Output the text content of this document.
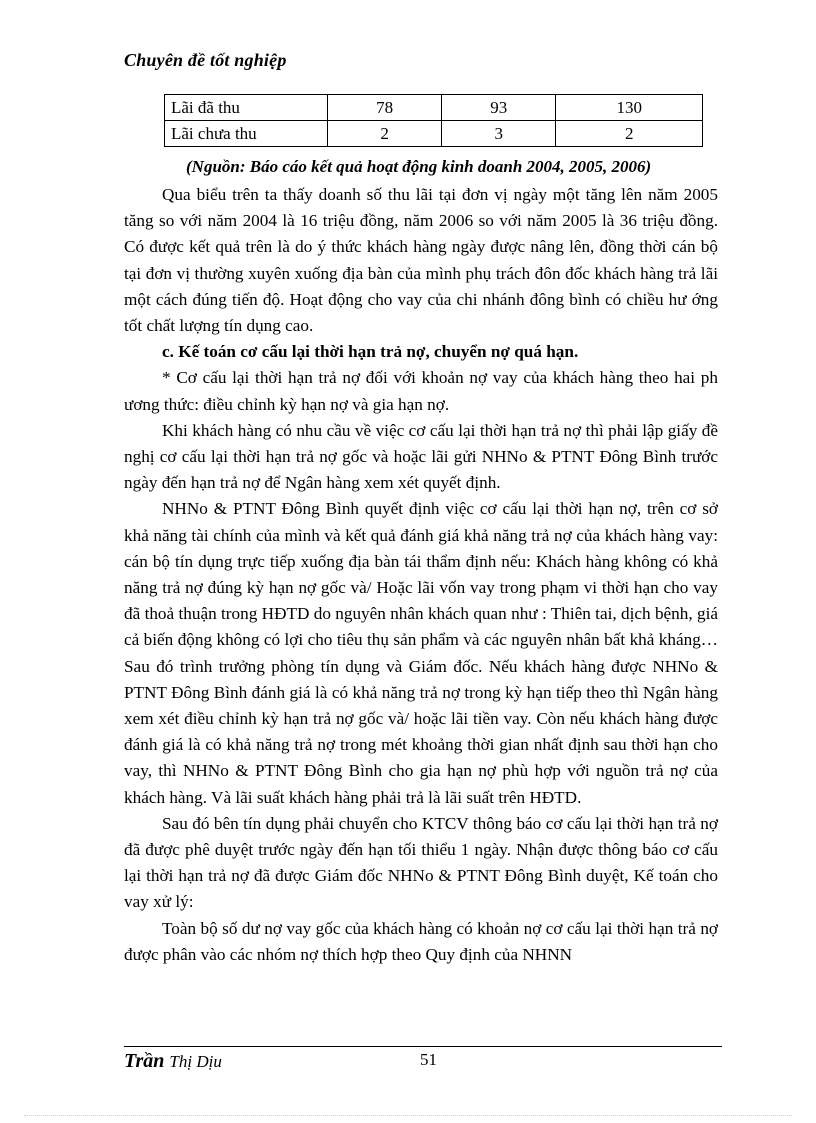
Chuyên đề tốt nghiệp
Lãi đã thu	78	93	130
Lãi chưa thu	2	3	2
(Nguồn: Báo cáo kết quả hoạt động kinh doanh 2004, 2005, 2006)

Qua biểu trên ta thấy doanh số thu lãi tại đơn vị ngày một tăng lên năm 2005 tăng so với năm 2004 là 16 triệu đồng, năm 2006 so với năm 2005 là 36 triệu đồng. Có được kết quả trên là do ý thức khách hàng ngày được nâng lên, đồng thời cán bộ tại đơn vị thường xuyên xuống địa bàn của mình phụ trách đôn đốc khách hàng trả lãi một cách đúng tiến độ. Hoạt động cho vay của chi nhánh đông bình có chiều hư ớng tốt chất lượng tín dụng cao.

c. Kế toán cơ cấu lại thời hạn trả nợ, chuyển nợ quá hạn.

* Cơ cấu lại thời hạn trả nợ đối với khoản nợ vay của khách hàng theo hai ph ương thức: điều chỉnh kỳ hạn nợ và gia hạn nợ.

Khi khách hàng có nhu cầu về việc cơ cấu lại thời hạn trả nợ thì phải lập giấy đề nghị cơ cấu lại thời hạn trả nợ gốc và hoặc lãi gửi NHNo & PTNT Đông Bình trước ngày đến hạn trả nợ để Ngân hàng xem xét quyết định.

NHNo & PTNT Đông Bình quyết định việc cơ cấu lại thời hạn nợ, trên cơ sở khả năng tài chính của mình và kết quả đánh giá khả năng trả nợ của khách hàng vay: cán bộ tín dụng trực tiếp xuống địa bàn tái thẩm định nếu: Khách hàng không có khả năng trả nợ đúng kỳ hạn nợ gốc và/ Hoặc lãi vốn vay trong phạm vi thời hạn cho vay đã thoả thuận trong HĐTD do nguyên nhân khách quan như : Thiên tai, dịch bệnh, giá cả biến động không có lợi cho tiêu thụ sản phẩm và các nguyên nhân bất khả kháng… Sau đó trình trưởng phòng tín dụng và Giám đốc. Nếu khách hàng được NHNo & PTNT Đông Bình đánh giá là có khả năng trả nợ trong kỳ hạn tiếp theo thì Ngân hàng xem xét điều chỉnh kỳ hạn trả nợ gốc và/ hoặc lãi tiền vay. Còn nếu khách hàng được đánh giá là có khả năng trả nợ trong mét khoảng thời gian nhất định sau thời hạn cho vay, thì NHNo & PTNT Đông Bình cho gia hạn nợ phù hợp với nguồn trả nợ của khách hàng. Và lãi suất khách hàng phải trả là lãi suất trên HĐTD.

Sau đó bên tín dụng phải chuyển cho KTCV thông báo cơ cấu lại thời hạn trả nợ đã được phê duyệt trước ngày đến hạn tối thiểu 1 ngày. Nhận được thông báo cơ cấu lại thời hạn trả nợ đã được Giám đốc NHNo & PTNT Đông Bình duyệt, Kế toán cho vay xử lý:

Toàn bộ số dư nợ vay gốc của khách hàng có khoản nợ cơ cấu lại thời hạn trả nợ được phân vào các nhóm nợ thích hợp theo Quy định của NHNN

Trần Thị Dịu	51
